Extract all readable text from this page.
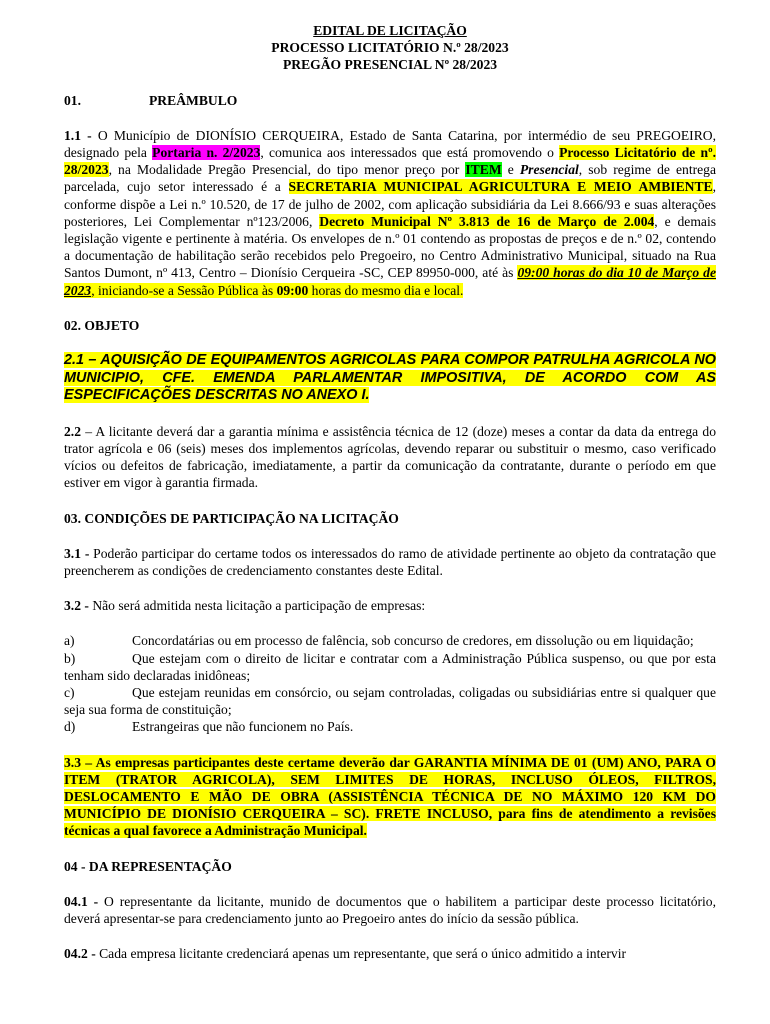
EDITAL DE LICITAÇÃO

PROCESSO LICITATÓRIO N.º 28/2023

PREGÃO PRESENCIAL Nº 28/2023

01.	PREÂMBULO

1.1 - O Município de DIONÍSIO CERQUEIRA, Estado de Santa Catarina, por intermédio de seu PREGOEIRO, designado pela Portaria n. 2/2023, comunica aos interessados que está promovendo o Processo Licitatório de nº. 28/2023, na Modalidade Pregão Presencial, do tipo menor preço por ITEM e Presencial, sob regime de entrega parcelada, cujo setor interessado é a SECRETARIA MUNICIPAL AGRICULTURA E MEIO AMBIENTE, conforme dispõe a Lei n.º 10.520, de 17 de julho de 2002, com aplicação subsidiária da Lei 8.666/93 e suas alterações posteriores, Lei Complementar nº123/2006, Decreto Municipal Nº 3.813 de 16 de Março de 2.004, e demais legislação vigente e pertinente à matéria. Os envelopes de n.º 01 contendo as propostas de preços e de n.º 02, contendo a documentação de habilitação serão recebidos pelo Pregoeiro, no Centro Administrativo Municipal, situado na Rua Santos Dumont, nº 413, Centro – Dionísio Cerqueira -SC, CEP 89950-000, até às 09:00 horas do dia 10 de Março de 2023, iniciando-se a Sessão Pública às 09:00 horas do mesmo dia e local.

02. OBJETO

2.1 – AQUISIÇÃO DE EQUIPAMENTOS AGRICOLAS PARA COMPOR PATRULHA AGRICOLA NO MUNICIPIO, CFE. EMENDA PARLAMENTAR IMPOSITIVA, DE ACORDO COM AS ESPECIFICAÇÕES DESCRITAS NO ANEXO I.

2.2 – A licitante deverá dar a garantia mínima e assistência técnica de 12 (doze) meses a contar da data da entrega do trator agrícola e 06 (seis) meses dos implementos agrícolas, devendo reparar ou substituir o mesmo, caso verificado vícios ou defeitos de fabricação, imediatamente, a partir da comunicação da contratante, durante o período em que estiver em vigor à garantia firmada.

03. CONDIÇÕES DE PARTICIPAÇÃO NA LICITAÇÃO

3.1 - Poderão participar do certame todos os interessados do ramo de atividade pertinente ao objeto da contratação que preencherem as condições de credenciamento constantes deste Edital.

3.2 - Não será admitida nesta licitação a participação de empresas:

a)	Concordatárias ou em processo de falência, sob concurso de credores, em dissolução ou em liquidação;

b)	Que estejam com o direito de licitar e contratar com a Administração Pública suspenso, ou que por esta tenham sido declaradas inidôneas;

c)	Que estejam reunidas em consórcio, ou sejam controladas, coligadas ou subsidiárias entre si qualquer que seja sua forma de constituição;

d)	Estrangeiras que não funcionem no País.

3.3 – As empresas participantes deste certame deverão dar GARANTIA MÍNIMA DE 01 (UM) ANO, PARA O ITEM (TRATOR AGRICOLA), SEM LIMITES DE HORAS, INCLUSO ÓLEOS, FILTROS, DESLOCAMENTO E MÃO DE OBRA (ASSISTÊNCIA TÉCNICA DE NO MÁXIMO 120 KM DO MUNICÍPIO DE DIONÍSIO CERQUEIRA – SC). FRETE INCLUSO, para fins de atendimento a revisões técnicas a qual favorece a Administração Municipal.

04 - DA REPRESENTAÇÃO

04.1 - O representante da licitante, munido de documentos que o habilitem a participar deste processo licitatório, deverá apresentar-se para credenciamento junto ao Pregoeiro antes do início da sessão pública.

04.2 - Cada empresa licitante credenciará apenas um representante, que será o único admitido a intervir
